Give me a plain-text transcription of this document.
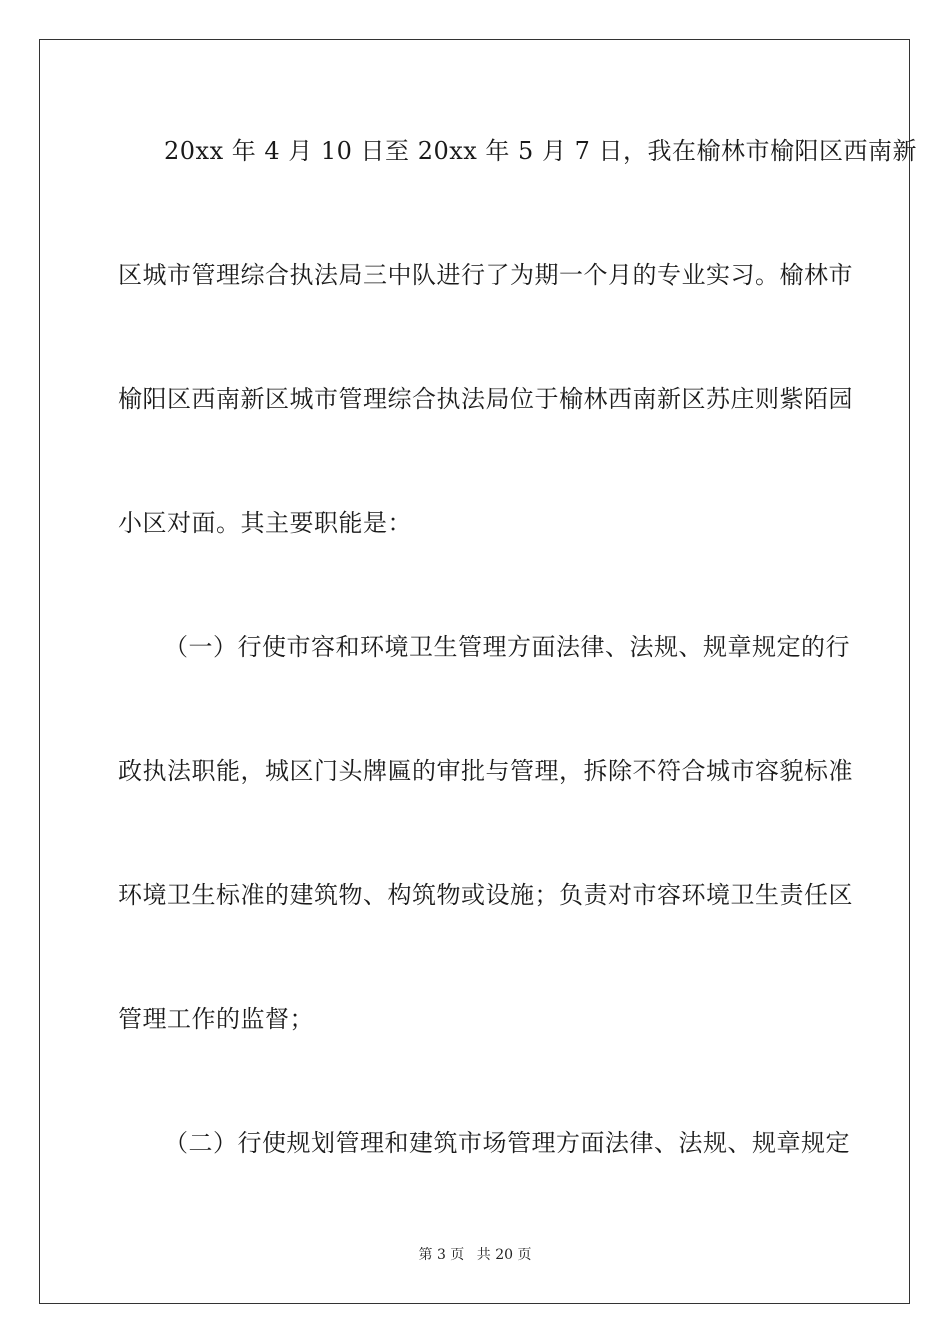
20xx 年 4 月 10 日至 20xx 年 5 月 7 日，我在榆林市榆阳区西南新
区城市管理综合执法局三中队进行了为期一个月的专业实习。榆林市
榆阳区西南新区城市管理综合执法局位于榆林西南新区苏庄则紫陌园
小区对面。其主要职能是：
（一）行使市容和环境卫生管理方面法律、法规、规章规定的行
政执法职能，城区门头牌匾的审批与管理，拆除不符合城市容貌标准
环境卫生标准的建筑物、构筑物或设施；负责对市容环境卫生责任区
管理工作的监督；
（二）行使规划管理和建筑市场管理方面法律、法规、规章规定
第 3 页 共 20 页
